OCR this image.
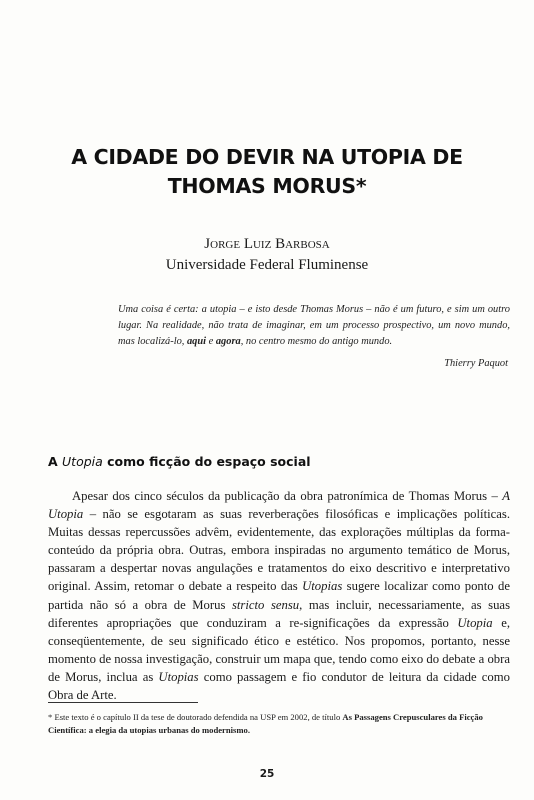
A CIDADE DO DEVIR NA UTOPIA DE
THOMAS MORUS*
Jorge Luiz Barbosa
Universidade Federal Fluminense
Uma coisa é certa: a utopia – e isto desde Thomas Morus – não é um futuro, e sim um outro lugar. Na realidade, não trata de imaginar, em um processo prospectivo, um novo mundo, mas localizá-lo, aqui e agora, no centro mesmo do antigo mundo.
Thierry Paquot
A Utopia como ficção do espaço social

Apesar dos cinco séculos da publicação da obra patronímica de Thomas Morus – A Utopia – não se esgotaram as suas reverberações filosóficas e implicações políticas. Muitas dessas repercussões advêm, evidentemente, das explorações múltiplas da forma-conteúdo da própria obra. Outras, embora inspiradas no argumento temático de Morus, passaram a despertar novas angulações e tratamentos do eixo descritivo e interpretativo original. Assim, retomar o debate a respeito das Utopias sugere localizar como ponto de partida não só a obra de Morus stricto sensu, mas incluir, necessariamente, as suas diferentes apropriações que conduziram a re-significações da expressão Utopia e, conseqüentemente, de seu significado ético e estético. Nos propomos, portanto, nesse momento de nossa investigação, construir um mapa que, tendo como eixo do debate a obra de Morus, inclua as Utopias como passagem e fio condutor de leitura da cidade como Obra de Arte.

* Este texto é o capítulo II da tese de doutorado defendida na USP em 2002, de título As Passagens Crepusculares da Ficção Científica: a elegia da utopias urbanas do modernismo.
25
